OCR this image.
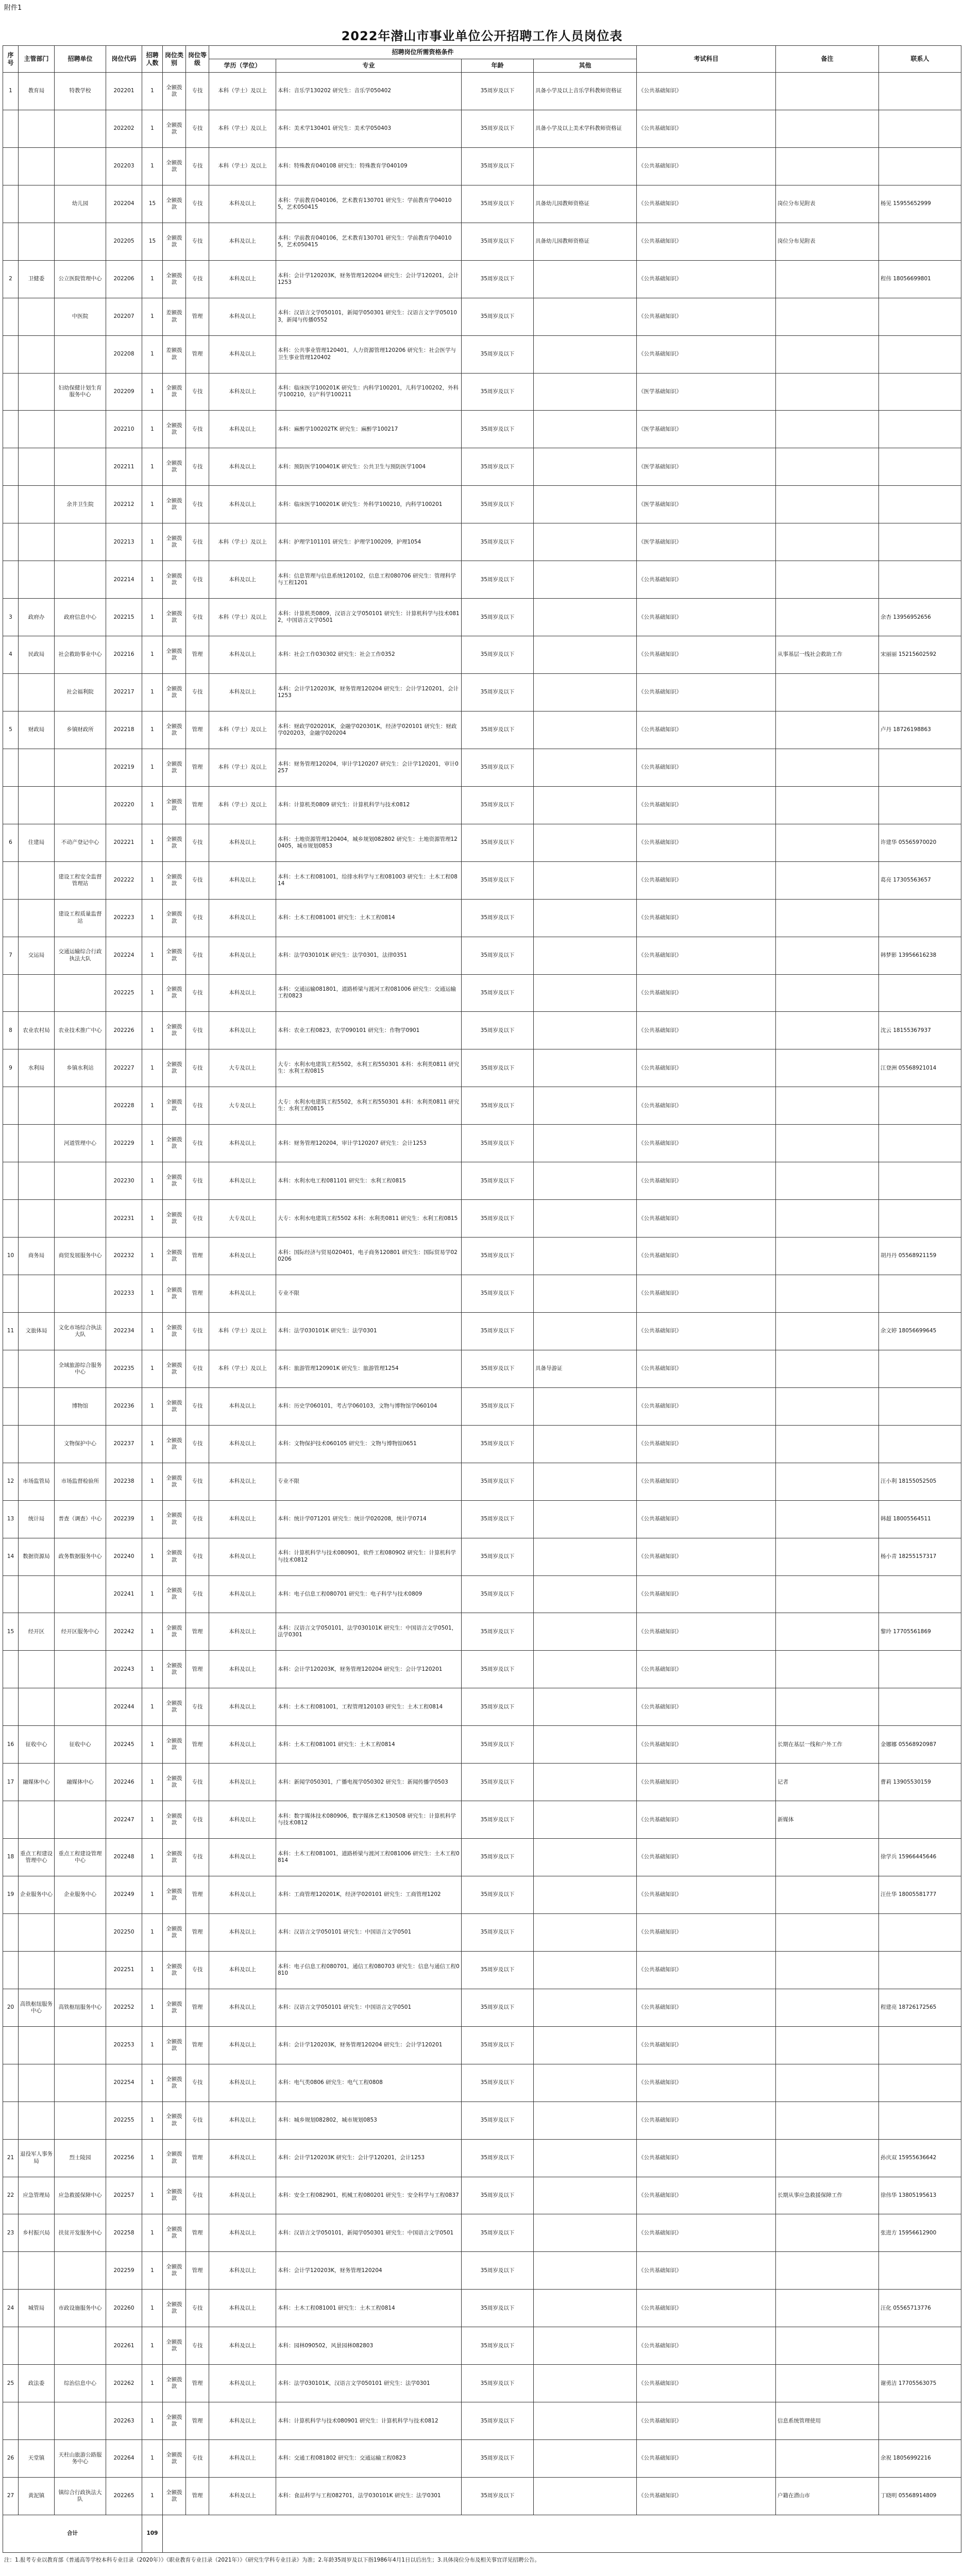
附件1
2022年潜山市事业单位公开招聘工作人员岗位表
序号	主管部门	招聘单位	岗位代码	招聘人数	岗位类别	岗位等级	招聘岗位所需资格条件				考试科目	备注	联系人	
							学历（学位）	专业	年龄	其他				
1	教育局	特教学校	202201	1	全额拨款	专技	本科（学士）及以上	本科：音乐学130202 研究生：音乐学050402	35周岁及以下	具备小学及以上音乐学科教师资格证	《公共基础知识》			
			202202	1	全额拨款	专技	本科（学士）及以上	本科：美术学130401 研究生：美术学050403	35周岁及以下	具备小学及以上美术学科教师资格证	《公共基础知识》			
			202203	1	全额拨款	专技	本科（学士）及以上	本科：特殊教育040108 研究生：特殊教育学040109	35周岁及以下		《公共基础知识》			
		幼儿园	202204	15	全额拨款	专技	本科及以上	本科：学前教育040106，艺术教育130701 研究生：学前教育学040105，艺术050415	35周岁及以下	具备幼儿园教师资格证	《公共基础知识》	岗位分布见附表	杨见 15955652999	
			202205	15	全额拨款	专技	本科及以上	本科：学前教育040106，艺术教育130701 研究生：学前教育学040105，艺术050415	35周岁及以下	具备幼儿园教师资格证	《公共基础知识》	岗位分布见附表		
2	卫健委	公立医院管理中心	202206	1	全额拨款	专技	本科及以上	本科：会计学120203K，财务管理120204 研究生：会计学120201，会计1253	35周岁及以下		《公共基础知识》		程伟 18056699801	
		中医院	202207	1	差额拨款	管理	本科及以上	本科：汉语言文学050101，新闻学050301 研究生：汉语言文字学050103，新闻与传播0552	35周岁及以下		《公共基础知识》			
			202208	1	差额拨款	管理	本科及以上	本科：公共事业管理120401，人力资源管理120206 研究生：社会医学与卫生事业管理120402	35周岁及以下		《公共基础知识》			
		妇幼保健计划生育服务中心	202209	1	全额拨款	专技	本科及以上	本科：临床医学100201K 研究生：内科学100201，儿科学100202，外科学100210，妇产科学100211	35周岁及以下		《医学基础知识》			
			202210	1	全额拨款	专技	本科及以上	本科：麻醉学100202TK 研究生：麻醉学100217	35周岁及以下		《医学基础知识》			
			202211	1	全额拨款	专技	本科及以上	本科：预防医学100401K 研究生：公共卫生与预防医学1004	35周岁及以下		《医学基础知识》			
		余井卫生院	202212	1	全额拨款	专技	本科及以上	本科：临床医学100201K 研究生：外科学100210，内科学100201	35周岁及以下		《医学基础知识》			
			202213	1	全额拨款	专技	本科（学士）及以上	本科：护理学101101 研究生：护理学100209，护理1054	35周岁及以下		《医学基础知识》			
			202214	1	全额拨款	专技	本科及以上	本科：信息管理与信息系统120102，信息工程080706 研究生：管理科学与工程1201	35周岁及以下		《公共基础知识》			
3	政府办	政府信息中心	202215	1	全额拨款	专技	本科（学士）及以上	本科：计算机类0809，汉语言文学050101 研究生：计算机科学与技术0812，中国语言文学0501	35周岁及以下		《公共基础知识》		余杏 13956952656	
4	民政局	社会救助事业中心	202216	1	全额拨款	管理	本科及以上	本科：社会工作030302 研究生：社会工作0352	35周岁及以下		《公共基础知识》	从事基层一线社会救助工作	宋丽丽 15215602592	
		社会福利院	202217	1	全额拨款	专技	本科及以上	本科：会计学120203K，财务管理120204 研究生：会计学120201，会计1253	35周岁及以下		《公共基础知识》			
5	财政局	乡镇财政所	202218	1	全额拨款	管理	本科（学士）及以上	本科：财政学020201K，金融学020301K，经济学020101 研究生：财政学020203，金融学020204	35周岁及以下		《公共基础知识》		卢丹 18726198863	
			202219	1	全额拨款	管理	本科（学士）及以上	本科：财务管理120204，审计学120207 研究生：会计学120201，审计0257	35周岁及以下		《公共基础知识》			
			202220	1	全额拨款	管理	本科（学士）及以上	本科：计算机类0809 研究生：计算机科学与技术0812	35周岁及以下		《公共基础知识》			
6	住建局	不动产登记中心	202221	1	全额拨款	专技	本科及以上	本科：土地资源管理120404，城乡规划082802 研究生：土地资源管理120405，城市规划0853	35周岁及以下		《公共基础知识》		许建华 05565970020	
		建设工程安全监督管理站	202222	1	全额拨款	专技	本科及以上	本科：土木工程081001，给排水科学与工程081003 研究生：土木工程0814	35周岁及以下		《公共基础知识》		葛亮 17305563657	
		建设工程质量监督站	202223	1	全额拨款	专技	本科及以上	本科：土木工程081001 研究生：土木工程0814	35周岁及以下		《公共基础知识》			
7	交运局	交通运输综合行政执法大队	202224	1	全额拨款	专技	本科及以上	本科：法学030101K 研究生：法学0301，法律0351	35周岁及以下		《公共基础知识》		韩梦影 13956616238	
			202225	1	全额拨款	专技	本科及以上	本科：交通运输081801，道路桥梁与渡河工程081006 研究生：交通运输工程0823	35周岁及以下		《公共基础知识》			
8	农业农村局	农业技术推广中心	202226	1	全额拨款	专技	本科及以上	本科：农业工程0823，农学090101 研究生：作物学0901	35周岁及以下		《公共基础知识》		沈云 18155367937	
9	水利局	乡镇水利站	202227	1	全额拨款	专技	大专及以上	大专：水利水电建筑工程5502，水利工程550301 本科：水利类0811 研究生：水利工程0815	35周岁及以下		《公共基础知识》		江登洲 05568921014	
			202228	1	全额拨款	专技	大专及以上	大专：水利水电建筑工程5502，水利工程550301 本科：水利类0811 研究生：水利工程0815	35周岁及以下		《公共基础知识》			
		河道管理中心	202229	1	全额拨款	专技	本科及以上	本科：财务管理120204，审计学120207 研究生：会计1253	35周岁及以下		《公共基础知识》			
			202230	1	全额拨款	专技	本科及以上	本科：水利水电工程081101 研究生：水利工程0815	35周岁及以下		《公共基础知识》			
			202231	1	全额拨款	专技	大专及以上	大专：水利水电建筑工程5502 本科：水利类0811 研究生：水利工程0815	35周岁及以下		《公共基础知识》			
10	商务局	商贸发展服务中心	202232	1	全额拨款	管理	本科及以上	本科：国际经济与贸易020401，电子商务120801 研究生：国际贸易学020206	35周岁及以下		《公共基础知识》		胡丹丹 05568921159	
			202233	1	全额拨款	管理	本科及以上	专业不限	35周岁及以下		《公共基础知识》			
11	文旅体局	文化市场综合执法大队	202234	1	全额拨款	专技	本科（学士）及以上	本科：法学030101K 研究生：法学0301	35周岁及以下		《公共基础知识》		余文婷 18056699645	
		全域旅游综合服务中心	202235	1	全额拨款	专技	本科（学士）及以上	本科：旅游管理120901K 研究生：旅游管理1254	35周岁及以下	具备导游证	《公共基础知识》			
		博物馆	202236	1	全额拨款	专技	本科及以上	本科：历史学060101，考古学060103，文物与博物馆学060104	35周岁及以下		《公共基础知识》			
		文物保护中心	202237	1	全额拨款	专技	本科及以上	本科：文物保护技术060105 研究生：文物与博物馆0651	35周岁及以下		《公共基础知识》			
12	市场监管局	市场监督检验所	202238	1	全额拨款	专技	本科及以上	专业不限	35周岁及以下		《公共基础知识》		汪小利 18155052505	
13	统计局	普查（调查）中心	202239	1	全额拨款	专技	本科及以上	本科：统计学071201 研究生：统计学020208，统计学0714	35周岁及以下		《公共基础知识》		韩超 18005564511	
14	数据资源局	政务数据服务中心	202240	1	全额拨款	专技	本科及以上	本科：计算机科学与技术080901，软件工程080902 研究生：计算机科学与技术0812	35周岁及以下		《公共基础知识》		杨小青 18255157317	
			202241	1	全额拨款	专技	本科及以上	本科：电子信息工程080701 研究生：电子科学与技术0809	35周岁及以下		《公共基础知识》			
15	经开区	经开区服务中心	202242	1	全额拨款	管理	本科及以上	本科：汉语言文学050101，法学030101K 研究生：中国语言文学0501，法学0301	35周岁及以下		《公共基础知识》		黎玲 17705561869	
			202243	1	全额拨款	管理	本科及以上	本科：会计学120203K，财务管理120204 研究生：会计学120201	35周岁及以下		《公共基础知识》			
			202244	1	全额拨款	专技	本科及以上	本科：土木工程081001，工程管理120103 研究生：土木工程0814	35周岁及以下		《公共基础知识》			
16	征收中心	征收中心	202245	1	全额拨款	管理	本科及以上	本科：土木工程081001 研究生：土木工程0814	35周岁及以下		《公共基础知识》	长期在基层一线和户外工作	金娜娜 05568920987	
17	融媒体中心	融媒体中心	202246	1	全额拨款	专技	本科及以上	本科：新闻学050301，广播电视学050302 研究生：新闻传播学0503	35周岁及以下		《公共基础知识》	记者	曹莉 13905530159	
			202247	1	全额拨款	专技	本科及以上	本科：数字媒体技术080906，数字媒体艺术130508 研究生：计算机科学与技术0812	35周岁及以下		《公共基础知识》	新媒体		
18	重点工程建设管理中心	重点工程建设管理中心	202248	1	全额拨款	专技	本科及以上	本科：土木工程081001，道路桥梁与渡河工程081006 研究生：土木工程0814	35周岁及以下		《公共基础知识》		徐学兵 15966445646	
19	企业服务中心	企业服务中心	202249	1	全额拨款	管理	本科及以上	本科：工商管理120201K，经济学020101 研究生：工商管理1202	35周岁及以下		《公共基础知识》		汪仕华 18005581777	
			202250	1	全额拨款	管理	本科及以上	本科：汉语言文学050101 研究生：中国语言文学0501	35周岁及以下		《公共基础知识》			
			202251	1	全额拨款	专技	本科及以上	本科：电子信息工程080701，通信工程080703 研究生：信息与通信工程0810	35周岁及以下		《公共基础知识》			
20	高铁枢纽服务中心	高铁枢纽服务中心	202252	1	全额拨款	管理	本科及以上	本科：汉语言文学050101 研究生：中国语言文学0501	35周岁及以下		《公共基础知识》		程建亮 18726172565	
			202253	1	全额拨款	管理	本科及以上	本科：会计学120203K，财务管理120204 研究生：会计学120201	35周岁及以下		《公共基础知识》			
			202254	1	全额拨款	专技	本科及以上	本科：电气类0806 研究生：电气工程0808	35周岁及以下		《公共基础知识》			
			202255	1	全额拨款	专技	本科及以上	本科：城乡规划082802，城市规划0853	35周岁及以下		《公共基础知识》			
21	退役军人事务局	烈士陵园	202256	1	全额拨款	管理	本科及以上	本科：会计学120203K 研究生：会计学120201，会计1253	35周岁及以下		《公共基础知识》		孙庆双 15955636642	
22	应急管理局	应急救援保障中心	202257	1	全额拨款	专技	本科及以上	本科：安全工程082901，机械工程080201 研究生：安全科学与工程0837	35周岁及以下		《公共基础知识》	长期从事应急救援保障工作	徐伟华 13805195613	
23	乡村振兴局	扶贫开发服务中心	202258	1	全额拨款	管理	本科及以上	本科：汉语言文学050101，新闻学050301 研究生：中国语言文学0501	35周岁及以下		《公共基础知识》		张进方 15956612900	
			202259	1	全额拨款	管理	本科及以上	本科：会计学120203K，财务管理120204	35周岁及以下		《公共基础知识》			
24	城管局	市政设施服务中心	202260	1	全额拨款	专技	本科及以上	本科：土木工程081001 研究生：土木工程0814	35周岁及以下		《公共基础知识》		汪化 05565713776	
			202261	1	全额拨款	专技	本科及以上	本科：园林090502，风景园林082803	35周岁及以下		《公共基础知识》			
25	政法委	综治信息中心	202262	1	全额拨款	管理	本科及以上	本科：法学030101K，汉语言文学050101 研究生：法学0301	35周岁及以下		《公共基础知识》		谢勇洁 17705563075	
			202263	1	全额拨款	管理	本科及以上	本科：计算机科学与技术080901 研究生：计算机科学与技术0812	35周岁及以下		《公共基础知识》	信息系统管理使用		
26	天堂镇	天柱山旅游公路服务中心	202264	1	全额拨款	专技	本科及以上	本科：交通工程081802 研究生：交通运输工程0823	35周岁及以下		《公共基础知识》		余祝 18056992216	
27	黄泥镇	镇综合行政执法大队	202265	1	全额拨款	管理	本科及以上	本科：食品科学与工程082701，法学030101K 研究生：法学0301	35周岁及以下		《公共基础知识》	户籍在潜山市	丁晓明 05568914809	
合计				109										
注：1.报考专业以教育部《普通高等学校本科专业目录（2020年）》《职业教育专业目录（2021年）》《研究生学科专业目录》为准；2.年龄35周岁及以下指1986年4月1日以后出生；3.具体岗位分布及相关事宜详见招聘公告。
